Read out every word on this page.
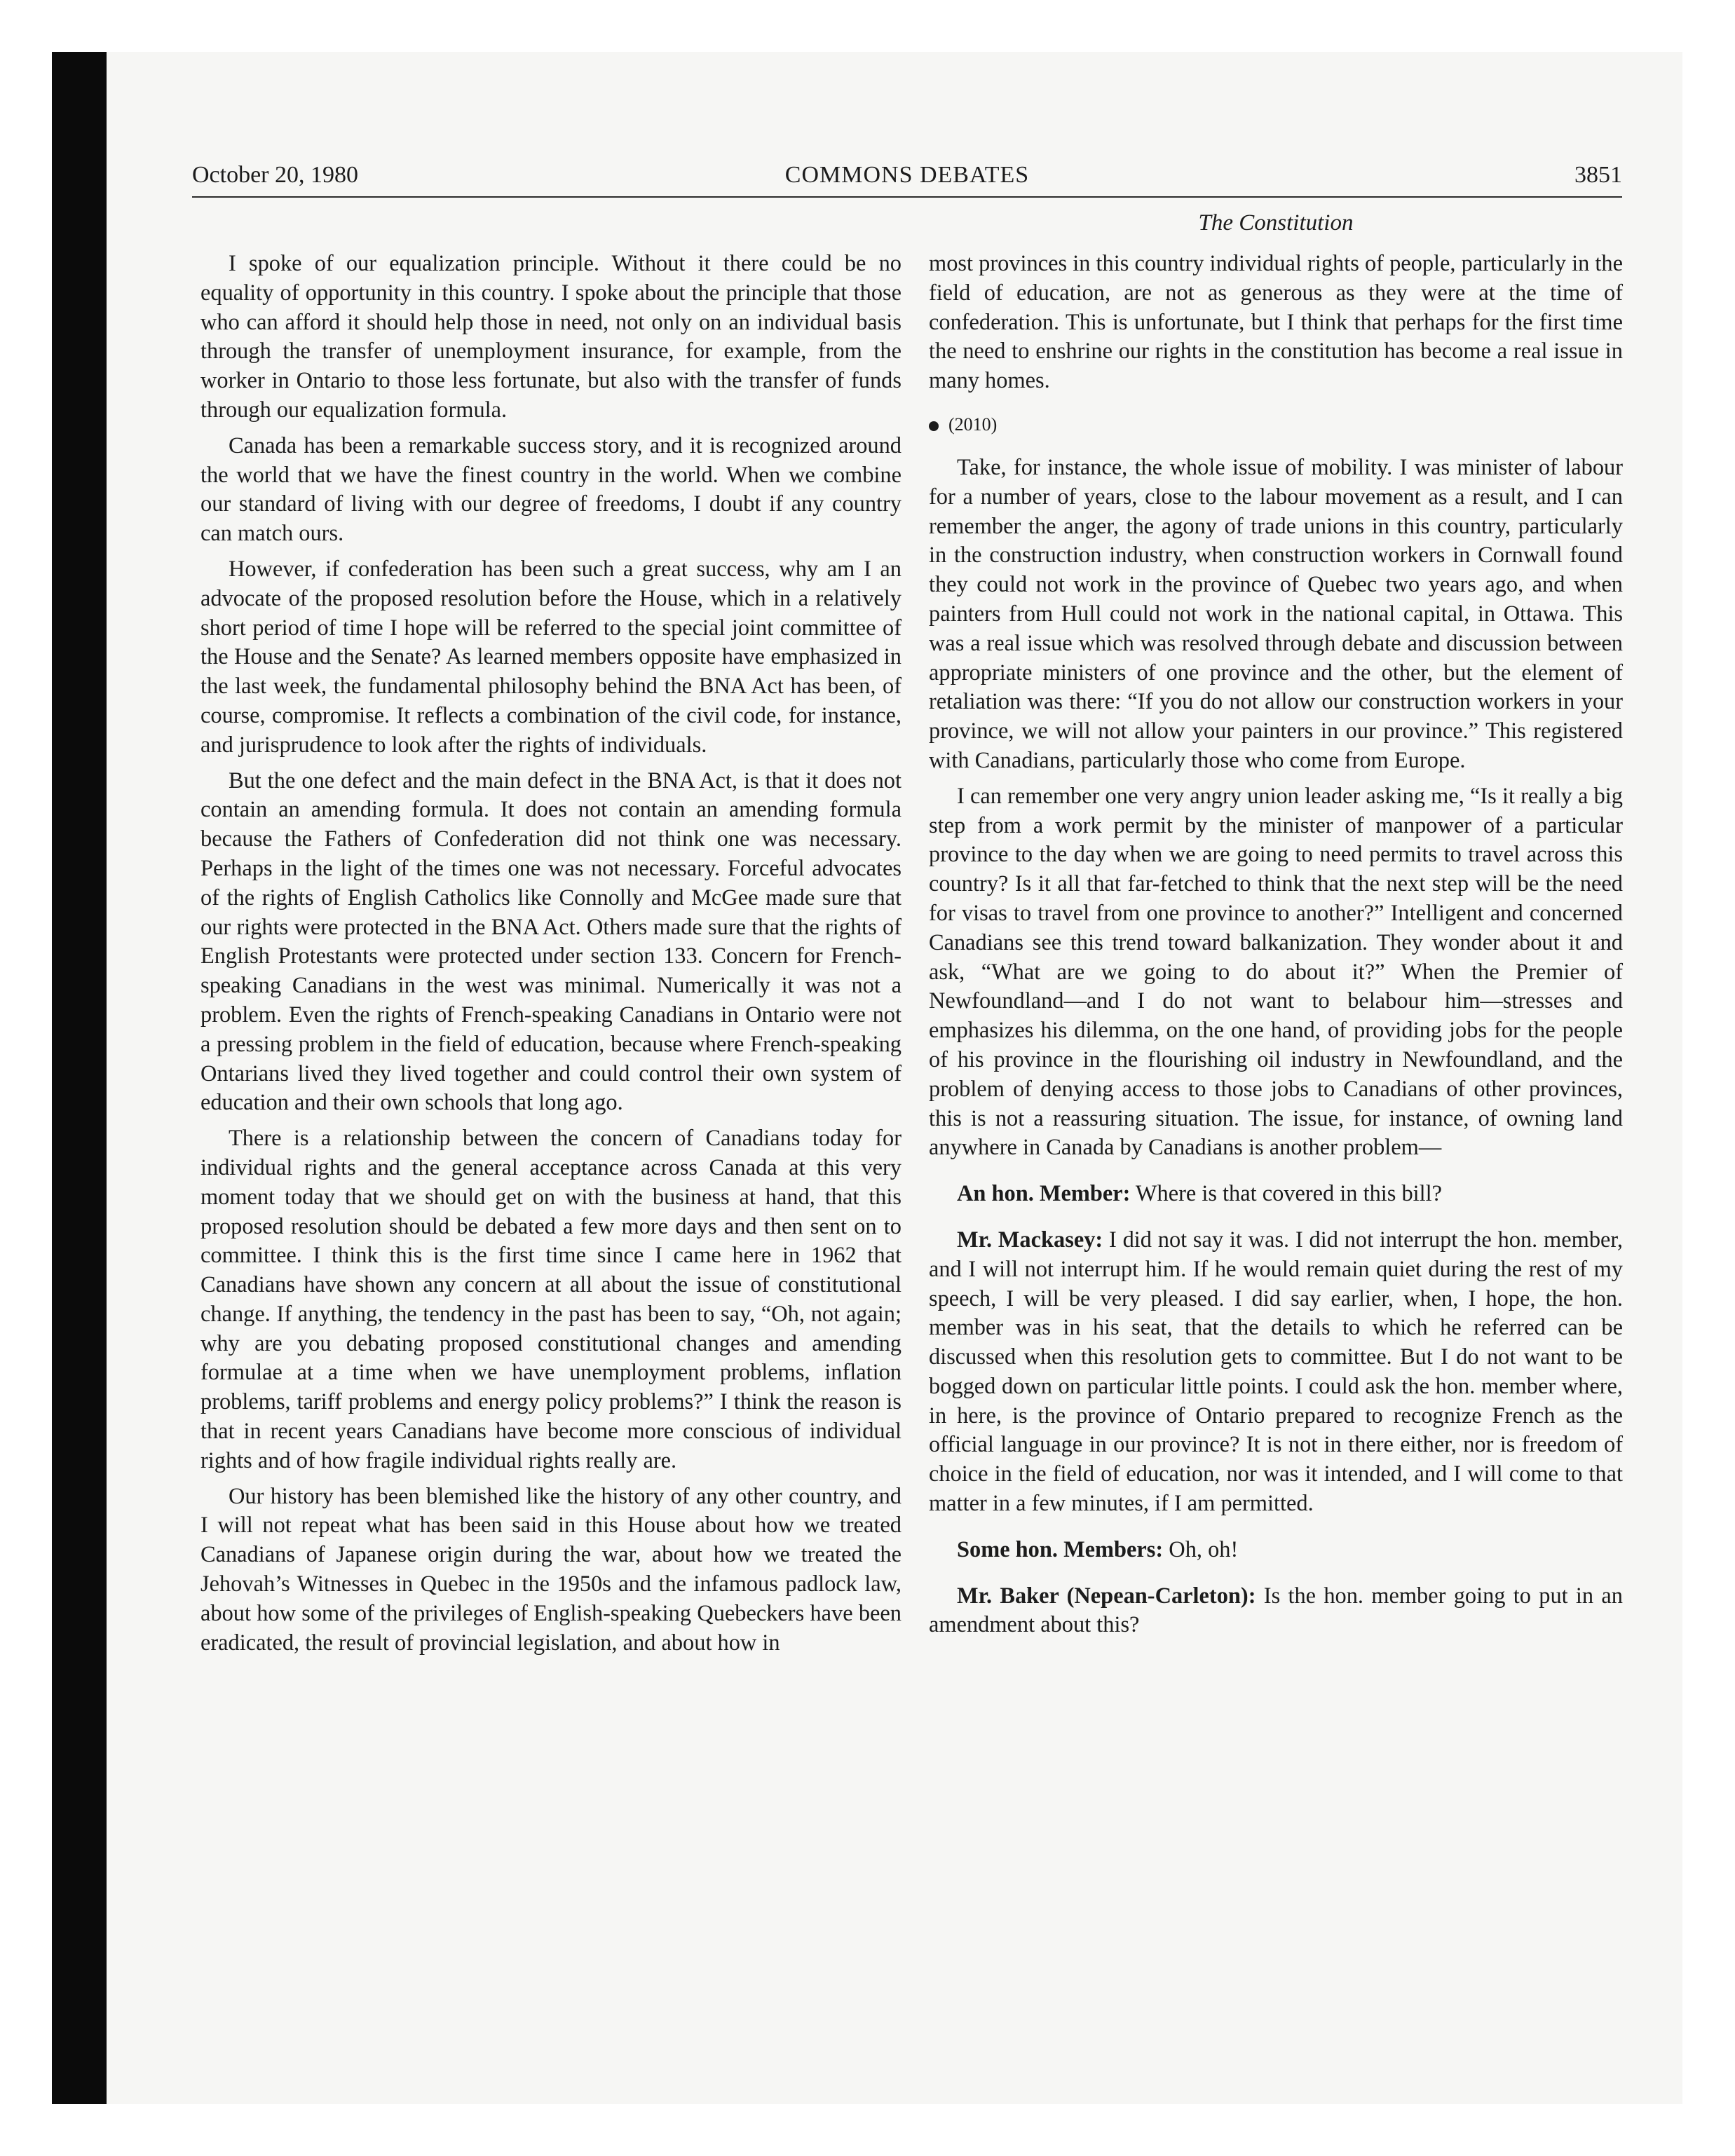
October 20, 1980	COMMONS DEBATES	3851
The Constitution

I spoke of our equalization principle. Without it there could be no equality of opportunity in this country. I spoke about the principle that those who can afford it should help those in need, not only on an individual basis through the transfer of unemployment insurance, for example, from the worker in Ontario to those less fortunate, but also with the transfer of funds through our equalization formula.

Canada has been a remarkable success story, and it is recognized around the world that we have the finest country in the world. When we combine our standard of living with our degree of freedoms, I doubt if any country can match ours.

However, if confederation has been such a great success, why am I an advocate of the proposed resolution before the House, which in a relatively short period of time I hope will be referred to the special joint committee of the House and the Senate? As learned members opposite have emphasized in the last week, the fundamental philosophy behind the BNA Act has been, of course, compromise. It reflects a combination of the civil code, for instance, and jurisprudence to look after the rights of individuals.

But the one defect and the main defect in the BNA Act, is that it does not contain an amending formula. It does not contain an amending formula because the Fathers of Confederation did not think one was necessary. Perhaps in the light of the times one was not necessary. Forceful advocates of the rights of English Catholics like Connolly and McGee made sure that our rights were protected in the BNA Act. Others made sure that the rights of English Protestants were protected under section 133. Concern for French-speaking Canadians in the west was minimal. Numerically it was not a problem. Even the rights of French-speaking Canadians in Ontario were not a pressing problem in the field of education, because where French-speaking Ontarians lived they lived together and could control their own system of education and their own schools that long ago.

There is a relationship between the concern of Canadians today for individual rights and the general acceptance across Canada at this very moment today that we should get on with the business at hand, that this proposed resolution should be debated a few more days and then sent on to committee. I think this is the first time since I came here in 1962 that Canadians have shown any concern at all about the issue of constitutional change. If anything, the tendency in the past has been to say, “Oh, not again; why are you debating proposed constitutional changes and amending formulae at a time when we have unemployment problems, inflation problems, tariff problems and energy policy problems?” I think the reason is that in recent years Canadians have become more conscious of individual rights and of how fragile individual rights really are.

Our history has been blemished like the history of any other country, and I will not repeat what has been said in this House about how we treated Canadians of Japanese origin during the war, about how we treated the Jehovah’s Witnesses in Quebec in the 1950s and the infamous padlock law, about how some of the privileges of English-speaking Quebeckers have been eradicated, the result of provincial legislation, and about how in

most provinces in this country individual rights of people, particularly in the field of education, are not as generous as they were at the time of confederation. This is unfortunate, but I think that perhaps for the first time the need to enshrine our rights in the constitution has become a real issue in many homes.

(2010)

Take, for instance, the whole issue of mobility. I was minister of labour for a number of years, close to the labour movement as a result, and I can remember the anger, the agony of trade unions in this country, particularly in the construction industry, when construction workers in Cornwall found they could not work in the province of Quebec two years ago, and when painters from Hull could not work in the national capital, in Ottawa. This was a real issue which was resolved through debate and discussion between appropriate ministers of one province and the other, but the element of retaliation was there: “If you do not allow our construction workers in your province, we will not allow your painters in our province.” This registered with Canadians, particularly those who come from Europe.

I can remember one very angry union leader asking me, “Is it really a big step from a work permit by the minister of manpower of a particular province to the day when we are going to need permits to travel across this country? Is it all that far-fetched to think that the next step will be the need for visas to travel from one province to another?” Intelligent and concerned Canadians see this trend toward balkanization. They wonder about it and ask, “What are we going to do about it?” When the Premier of Newfoundland—and I do not want to belabour him—stresses and emphasizes his dilemma, on the one hand, of providing jobs for the people of his province in the flourishing oil industry in Newfoundland, and the problem of denying access to those jobs to Canadians of other provinces, this is not a reassuring situation. The issue, for instance, of owning land anywhere in Canada by Canadians is another problem—

An hon. Member: Where is that covered in this bill?

Mr. Mackasey: I did not say it was. I did not interrupt the hon. member, and I will not interrupt him. If he would remain quiet during the rest of my speech, I will be very pleased. I did say earlier, when, I hope, the hon. member was in his seat, that the details to which he referred can be discussed when this resolution gets to committee. But I do not want to be bogged down on particular little points. I could ask the hon. member where, in here, is the province of Ontario prepared to recognize French as the official language in our province? It is not in there either, nor is freedom of choice in the field of education, nor was it intended, and I will come to that matter in a few minutes, if I am permitted.

Some hon. Members: Oh, oh!

Mr. Baker (Nepean-Carleton): Is the hon. member going to put in an amendment about this?
